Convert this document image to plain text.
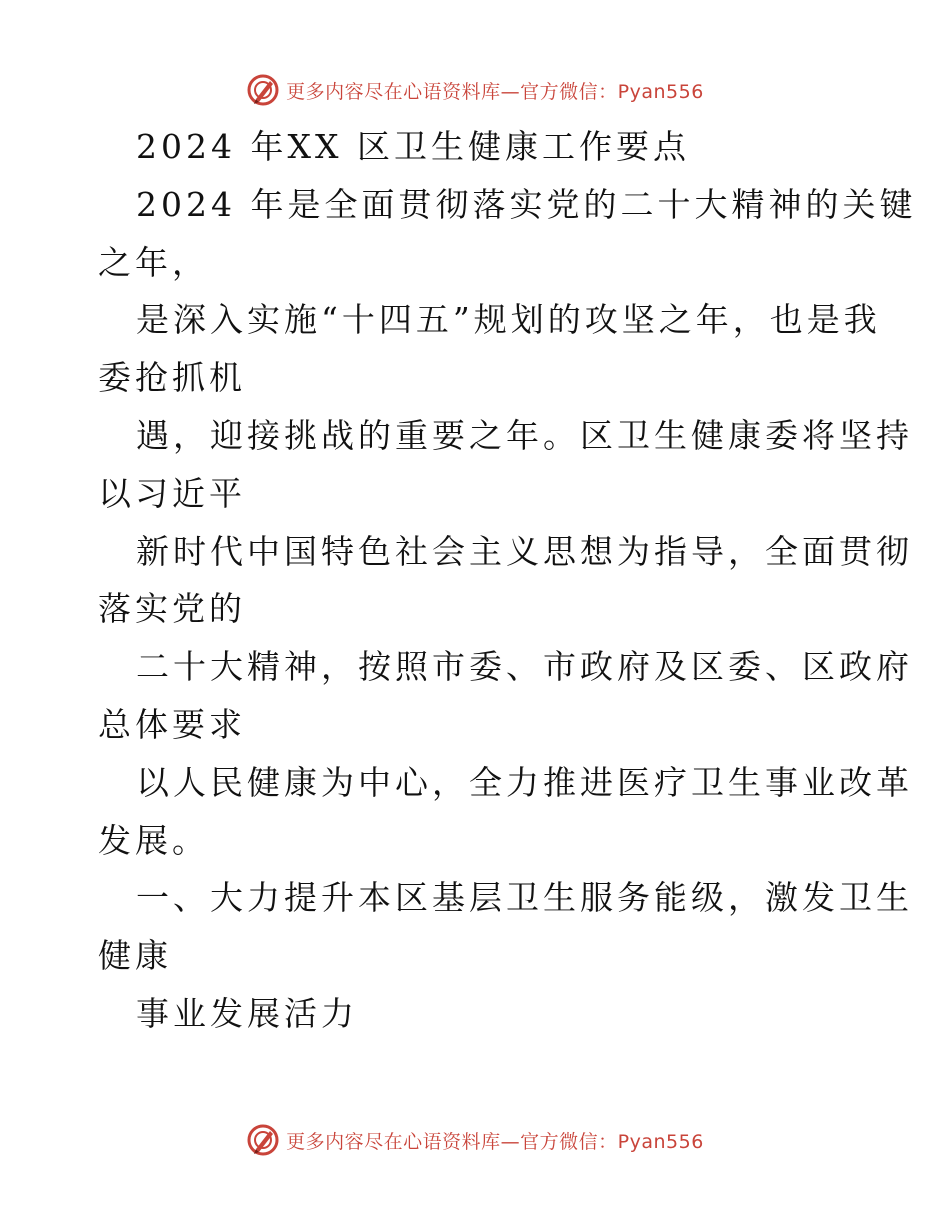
更多内容尽在心语资料库—官方微信：Pyan556
2024 年XX 区卫生健康工作要点
2024 年是全面贯彻落实党的二十大精神的关键
之年，
是深入实施“十四五”规划的攻坚之年，也是我
委抢抓机
遇，迎接挑战的重要之年。区卫生健康委将坚持
以习近平
新时代中国特色社会主义思想为指导，全面贯彻
落实党的
二十大精神，按照市委、市政府及区委、区政府
总体要求
以人民健康为中心，全力推进医疗卫生事业改革
发展。
一、大力提升本区基层卫生服务能级，激发卫生
健康
事业发展活力
更多内容尽在心语资料库—官方微信：Pyan556
